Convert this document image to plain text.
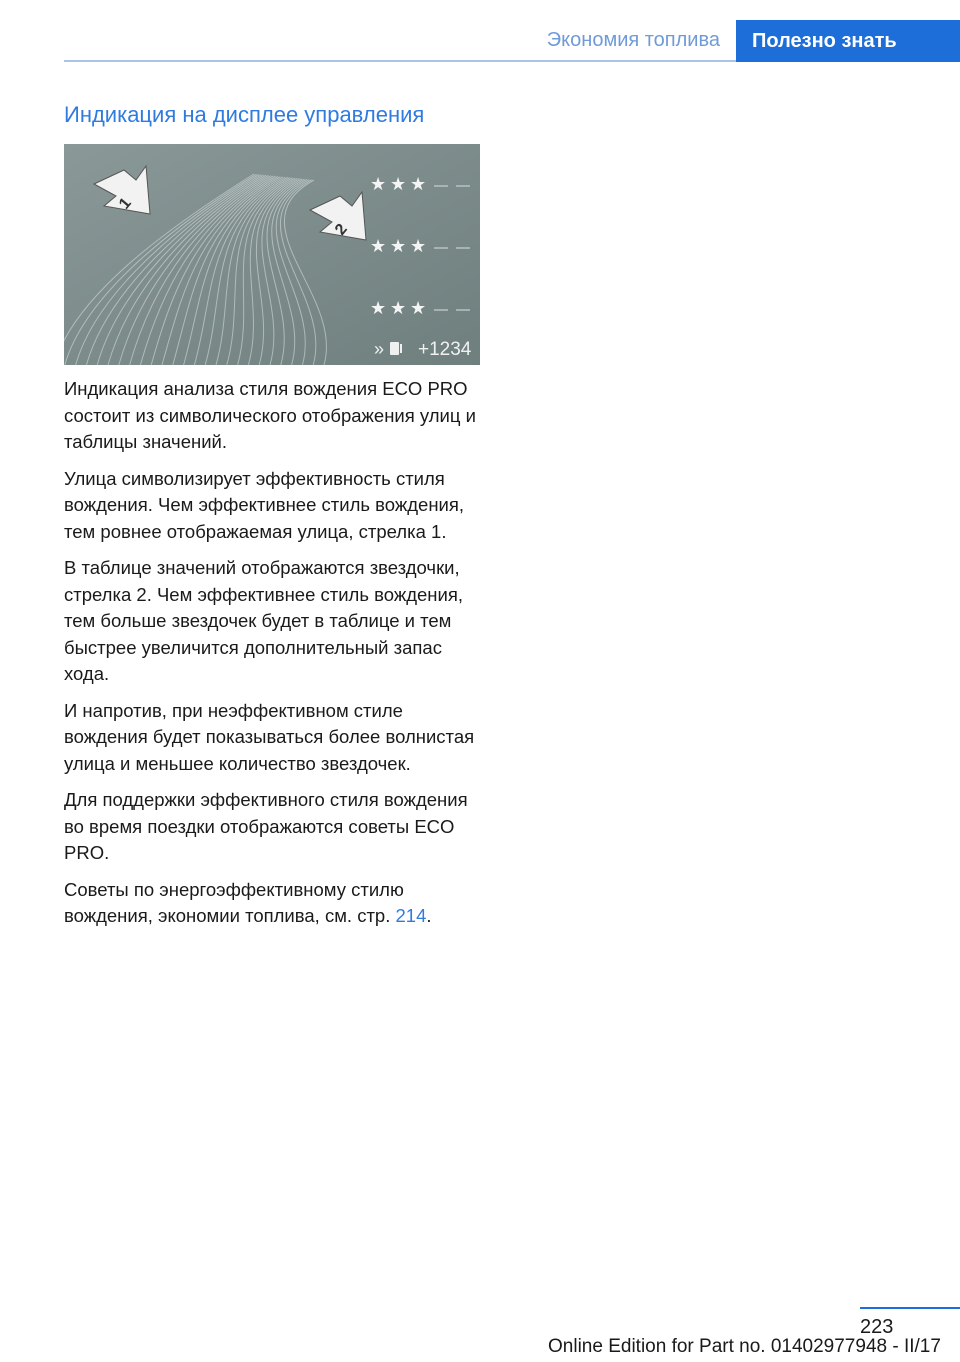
Экономия топлива	Полезно знать
Индикация на дисплее управления
1
2
★ ★ ★
★ ★ ★
★ ★ ★
» +1234

Индикация анализа стиля вождения ECO PRO состоит из символического отображения улиц и таблицы значений.

Улица символизирует эффективность стиля вождения. Чем эффективнее стиль вождения, тем ровнее отображаемая улица, стрелка 1.

В таблице значений отображаются звездочки, стрелка 2. Чем эффективнее стиль вождения, тем больше звездочек будет в таблице и тем быстрее увеличится дополнительный запас хода.

И напротив, при неэффективном стиле вождения будет показываться более волнистая улица и меньшее количество звездочек.

Для поддержки эффективного стиля вождения во время поездки отображаются советы ECO PRO.

Советы по энергоэффективному стилю вождения, экономии топлива, см. стр. 214.

223
Online Edition for Part no. 01402977948 - II/17
